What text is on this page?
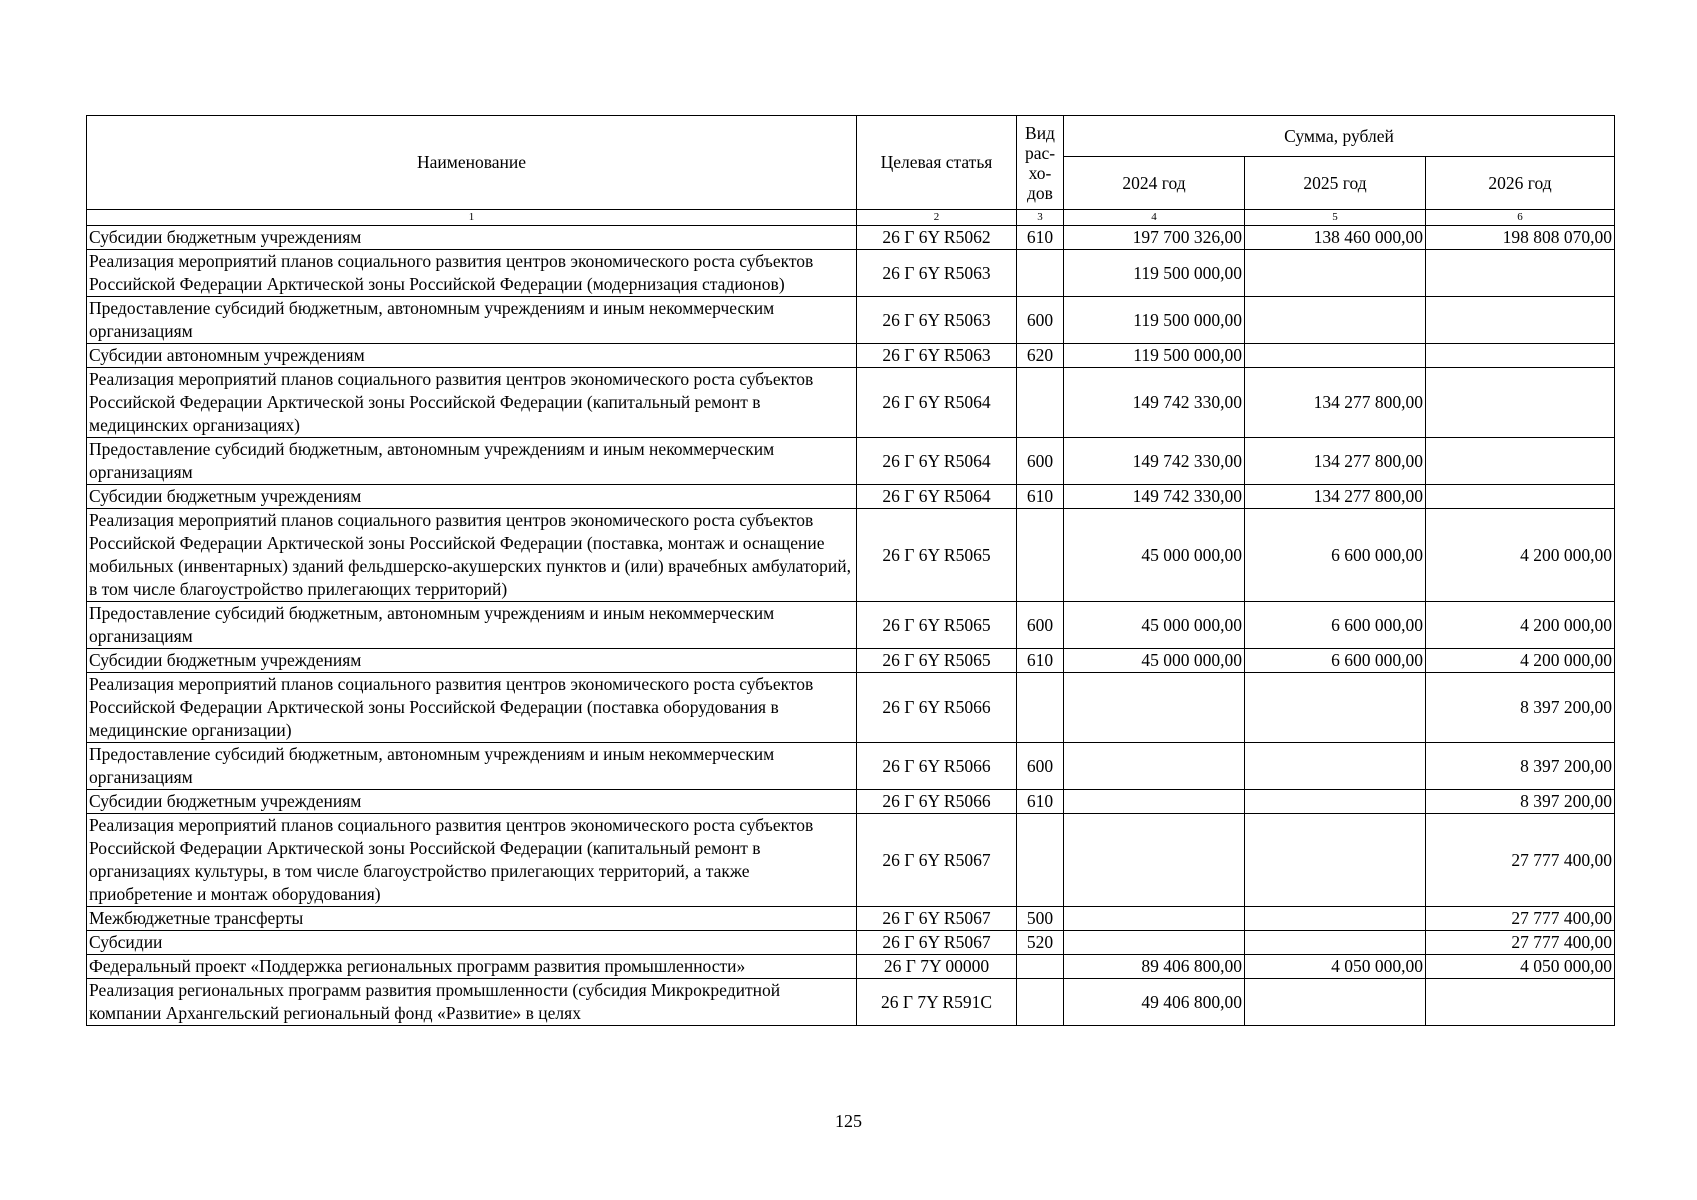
Наименование	Целевая статья	Вид рас-хо-дов	Сумма, рублей		
			2024 год	2025 год	2026 год
1	2	3	4	5	6
Субсидии бюджетным учреждениям	26 Г 6Y R5062	610	197 700 326,00	138 460 000,00	198 808 070,00
Реализация мероприятий планов социального развития центров экономического роста субъектов Российской Федерации Арктической зоны Российской Федерации (модернизация стадионов)	26 Г 6Y R5063		119 500 000,00		
Предоставление субсидий бюджетным, автономным учреждениям и иным некоммерческим организациям	26 Г 6Y R5063	600	119 500 000,00		
Субсидии автономным учреждениям	26 Г 6Y R5063	620	119 500 000,00		
Реализация мероприятий планов социального развития центров экономического роста субъектов Российской Федерации Арктической зоны Российской Федерации (капитальный ремонт в медицинских организациях)	26 Г 6Y R5064		149 742 330,00	134 277 800,00	
Предоставление субсидий бюджетным, автономным учреждениям и иным некоммерческим организациям	26 Г 6Y R5064	600	149 742 330,00	134 277 800,00	
Субсидии бюджетным учреждениям	26 Г 6Y R5064	610	149 742 330,00	134 277 800,00	
Реализация мероприятий планов социального развития центров экономического роста субъектов Российской Федерации Арктической зоны Российской Федерации (поставка, монтаж и оснащение мобильных (инвентарных) зданий фельдшерско-акушерских пунктов и (или) врачебных амбулаторий, в том числе благоустройство прилегающих территорий)	26 Г 6Y R5065		45 000 000,00	6 600 000,00	4 200 000,00
Предоставление субсидий бюджетным, автономным учреждениям и иным некоммерческим организациям	26 Г 6Y R5065	600	45 000 000,00	6 600 000,00	4 200 000,00
Субсидии бюджетным учреждениям	26 Г 6Y R5065	610	45 000 000,00	6 600 000,00	4 200 000,00
Реализация мероприятий планов социального развития центров экономического роста субъектов Российской Федерации Арктической зоны Российской Федерации (поставка оборудования в медицинские организации)	26 Г 6Y R5066				8 397 200,00
Предоставление субсидий бюджетным, автономным учреждениям и иным некоммерческим организациям	26 Г 6Y R5066	600			8 397 200,00
Субсидии бюджетным учреждениям	26 Г 6Y R5066	610			8 397 200,00
Реализация мероприятий планов социального развития центров экономического роста субъектов Российской Федерации Арктической зоны Российской Федерации (капитальный ремонт в организациях культуры, в том числе благоустройство прилегающих территорий, а также приобретение и монтаж оборудования)	26 Г 6Y R5067				27 777 400,00
Межбюджетные трансферты	26 Г 6Y R5067	500			27 777 400,00
Субсидии	26 Г 6Y R5067	520			27 777 400,00
Федеральный проект «Поддержка региональных программ развития промышленности»	26 Г 7Y 00000		89 406 800,00	4 050 000,00	4 050 000,00
Реализация региональных программ развития промышленности (субсидия Микрокредитной компании Архангельский региональный фонд «Развитие» в целях	26 Г 7Y R591C		49 406 800,00		
125
